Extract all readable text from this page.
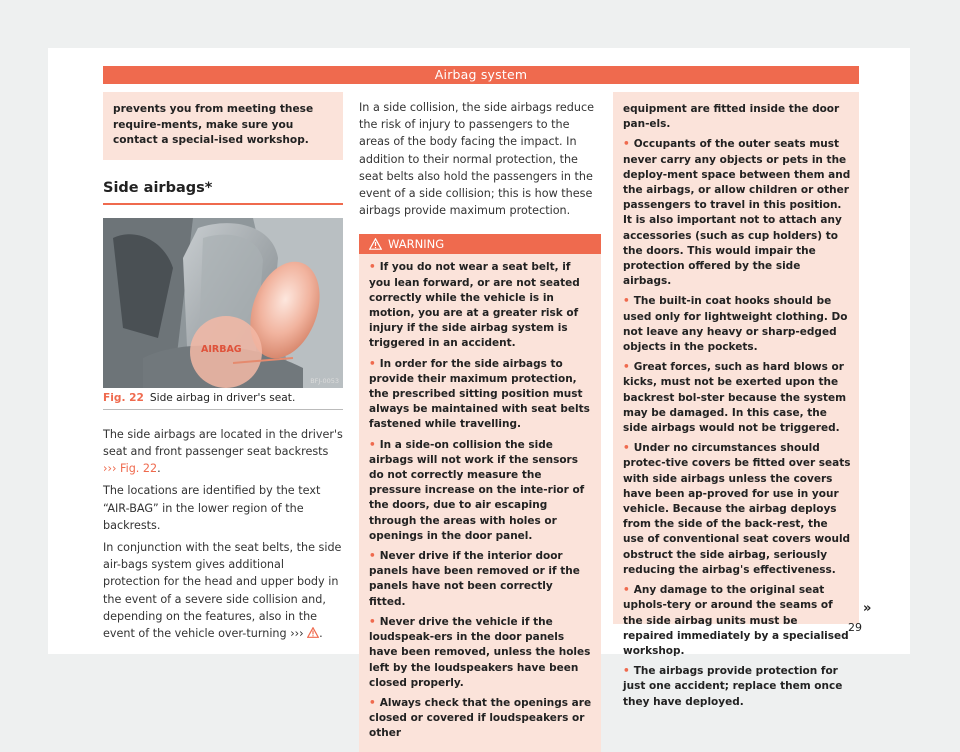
Airbag system
prevents you from meeting these require-ments, make sure you contact a special-ised workshop.
Side airbags*
AIRBAG
BFJ-0053
Fig. 22 Side airbag in driver's seat.

The side airbags are located in the driver's seat and front passenger seat backrests ››› Fig. 22.

The locations are identified by the text “AIR-BAG” in the lower region of the backrests.

In conjunction with the seat belts, the side air-bags system gives additional protection for the head and upper body in the event of a severe side collision and, depending on the features, also in the event of the vehicle over-turning ››› .

In a side collision, the side airbags reduce the risk of injury to passengers to the areas of the body facing the impact. In addition to their normal protection, the seat belts also hold the passengers in the event of a side collision; this is how these airbags provide maximum protection.

WARNING
• If you do not wear a seat belt, if you lean forward, or are not seated correctly while the vehicle is in motion, you are at a greater risk of injury if the side airbag system is triggered in an accident.
• In order for the side airbags to provide their maximum protection, the prescribed sitting position must always be maintained with seat belts fastened while travelling.
• In a side-on collision the side airbags will not work if the sensors do not correctly measure the pressure increase on the inte-rior of the doors, due to air escaping through the areas with holes or openings in the door panel.
• Never drive if the interior door panels have been removed or if the panels have not been correctly fitted.
• Never drive the vehicle if the loudspeak-ers in the door panels have been removed, unless the holes left by the loudspeakers have been closed properly.
• Always check that the openings are closed or covered if loudspeakers or other
equipment are fitted inside the door pan-els.
• Occupants of the outer seats must never carry any objects or pets in the deploy-ment space between them and the airbags, or allow children or other passengers to travel in this position. It is also important not to attach any accessories (such as cup holders) to the doors. This would impair the protection offered by the side airbags.
• The built-in coat hooks should be used only for lightweight clothing. Do not leave any heavy or sharp-edged objects in the pockets.
• Great forces, such as hard blows or kicks, must not be exerted upon the backrest bol-ster because the system may be damaged. In this case, the side airbags would not be triggered.
• Under no circumstances should protec-tive covers be fitted over seats with side airbags unless the covers have been ap-proved for use in your vehicle. Because the airbag deploys from the side of the back-rest, the use of conventional seat covers would obstruct the side airbag, seriously reducing the airbag's effectiveness.
• Any damage to the original seat uphols-tery or around the seams of the side airbag units must be repaired immediately by a specialised workshop.
• The airbags provide protection for just one accident; replace them once they have deployed.
»
29
